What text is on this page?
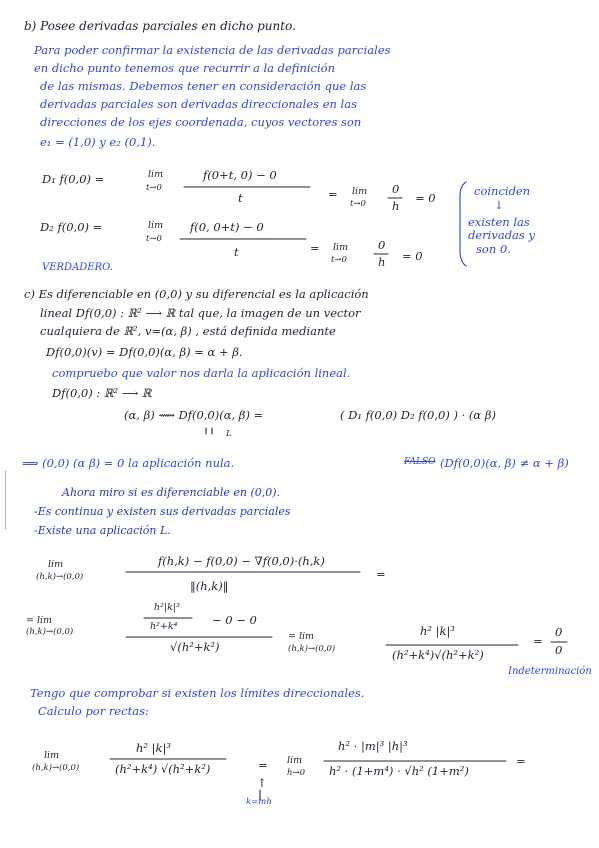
b) Posee derivadas parciales en dicho punto.
Para poder confirmar la existencia de las derivadas parciales
en dicho punto tenemos que recurrir a la definición
de las mismas. Debemos tener en consideración que las
derivadas parciales son derivadas direccionales en las
direcciones de los ejes coordenada, cuyos vectores son
e₁ = (1,0) y e₂ (0,1).
D₁ f(0,0) =	lim
t→0
f(0+t, 0) − 0
t	= lim
t→0
0
h
= 0
D₂ f(0,0) =	lim
t→0
f(0, 0+t) − 0
t	= lim
t→0
0
h = 0
coinciden
↓
existen las
derivadas y
son 0.
VERDADERO.
c) Es diferenciable en (0,0) y su diferencial es la aplicación
lineal Df(0,0) : ℝ² ⟶ ℝ tal que, la imagen de un vector
cualquiera de ℝ², v=(α, β) , está definida mediante
Df(0,0)(v) = Df(0,0)(α, β) = α + β.
compruebo que valor nos darla la aplicación lineal.
Df(0,0) : ℝ² ⟶ ℝ
(α, β) ⟿ Df(0,0)(α, β) =
L
( D₁ f(0,0) D₂ f(0,0) ) · (α β)
⟹ (0,0) (α β) = 0 la aplicación nula.	FALSO (Df(0,0)(α, β) ≠ α + β)
Ahora miro si es diferenciable en (0,0).
-Es continua y existen sus derivadas parciales
-Existe una aplicación L.
lim
(h,k)→(0,0)
f(h,k) − f(0,0) − ∇f(0,0)·(h,k)
‖(h,k)‖
=
= lim
(h,k)→(0,0)
h²|k|³
h²+k⁴	− 0 − 0
√(h²+k²)
= lim
(h,k)→(0,0)
h² |k|³
(h²+k⁴)√(h²+k²)
=
0
0
Indeterminación
Tengo que comprobar si existen los límites direccionales.
Calculo por rectas:
lim
(h,k)→(0,0)
h² |k|³
(h²+k⁴) √(h²+k²)	= lim
h→0
h² · |m|³ |h|³
h² · (1+m⁴) · √h² (1+m²)
=
↑
k=mh
